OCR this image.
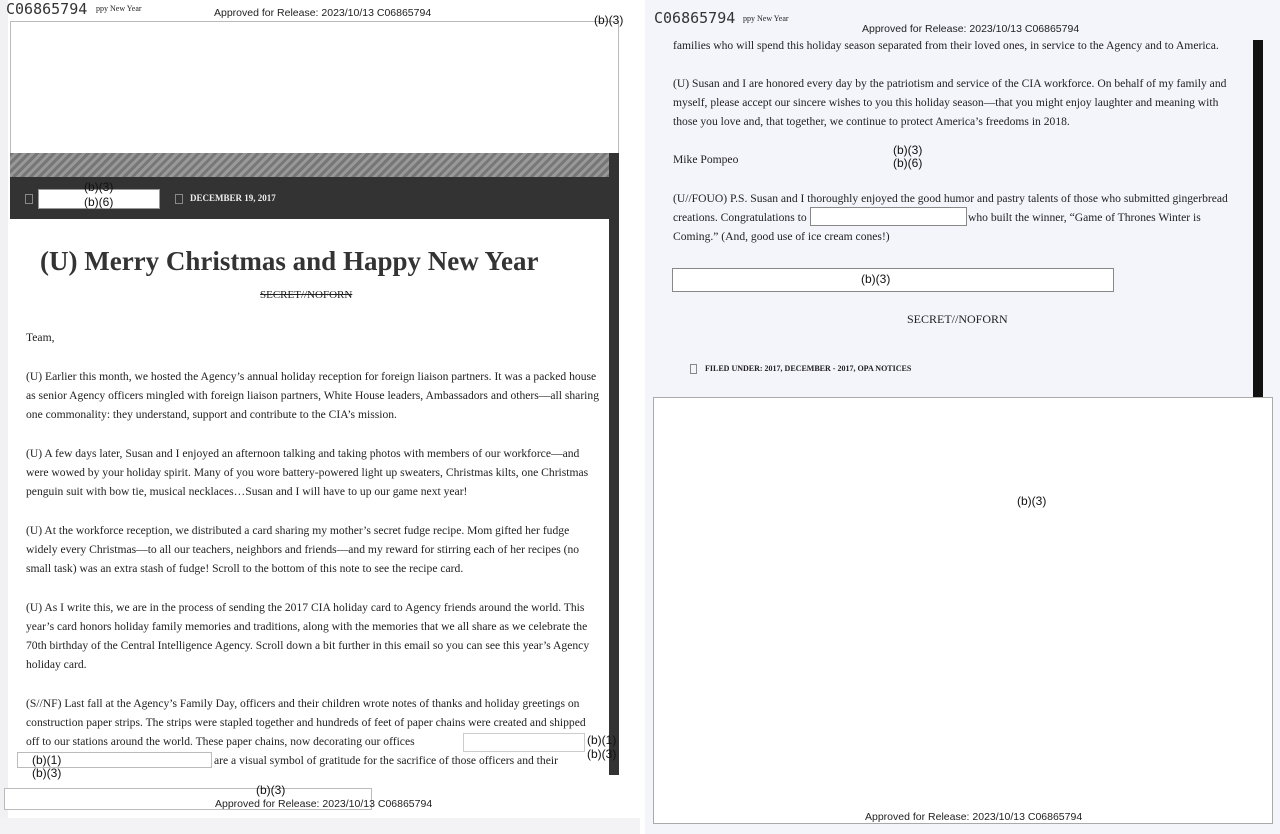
C06865794 ppy New Year	Approved for Release: 2023/10/13 C06865794	(b)(3)
(b)(3)
(b)(6)	DECEMBER 19, 2017
(U) Merry Christmas and Happy New Year
SECRET//NOFORN
Team,
(U) Earlier this month, we hosted the Agency’s annual holiday reception for foreign liaison partners. It was a packed house as senior Agency officers mingled with foreign liaison partners, White House leaders, Ambassadors and others—all sharing one commonality: they understand, support and contribute to the CIA’s mission.
(U) A few days later, Susan and I enjoyed an afternoon talking and taking photos with members of our workforce—and were wowed by your holiday spirit. Many of you wore battery-powered light up sweaters, Christmas kilts, one Christmas penguin suit with bow tie, musical necklaces…Susan and I will have to up our game next year!
(U) At the workforce reception, we distributed a card sharing my mother’s secret fudge recipe. Mom gifted her fudge widely every Christmas—to all our teachers, neighbors and friends—and my reward for stirring each of her recipes (no small task) was an extra stash of fudge! Scroll to the bottom of this note to see the recipe card.
(U) As I write this, we are in the process of sending the 2017 CIA holiday card to Agency friends around the world. This year’s card honors holiday family memories and traditions, along with the memories that we all share as we celebrate the 70th birthday of the Central Intelligence Agency. Scroll down a bit further in this email so you can see this year’s Agency holiday card.
(S//NF) Last fall at the Agency’s Family Day, officers and their children wrote notes of thanks and holiday greetings on construction paper strips. The strips were stapled together and hundreds of feet of paper chains were created and shipped off to our stations around the world. These paper chains, now decorating our offices	(b)(1)
(b)(3)
(b)(1)
(b)(3)
are a visual symbol of gratitude for the sacrifice of those officers and their
(b)(3)
Approved for Release: 2023/10/13 C06865794
C06865794 ppy New Year
Approved for Release: 2023/10/13 C06865794
families who will spend this holiday season separated from their loved ones, in service to the Agency and to America.
(U) Susan and I are honored every day by the patriotism and service of the CIA workforce. On behalf of my family and myself, please accept our sincere wishes to you this holiday season—that you might enjoy laughter and meaning with those you love and, that together, we continue to protect America’s freedoms in 2018.
Mike Pompeo
(b)(3)
(b)(6)
(U//FOUO) P.S. Susan and I thoroughly enjoyed the good humor and pastry talents of those who submitted gingerbread creations. Congratulations to	who built the winner, “Game of Thrones Winter is Coming.” (And, good use of ice cream cones!)
(b)(3)
SECRET//NOFORN
FILED UNDER: 2017, DECEMBER - 2017, OPA NOTICES
(b)(3)
Approved for Release: 2023/10/13 C06865794
